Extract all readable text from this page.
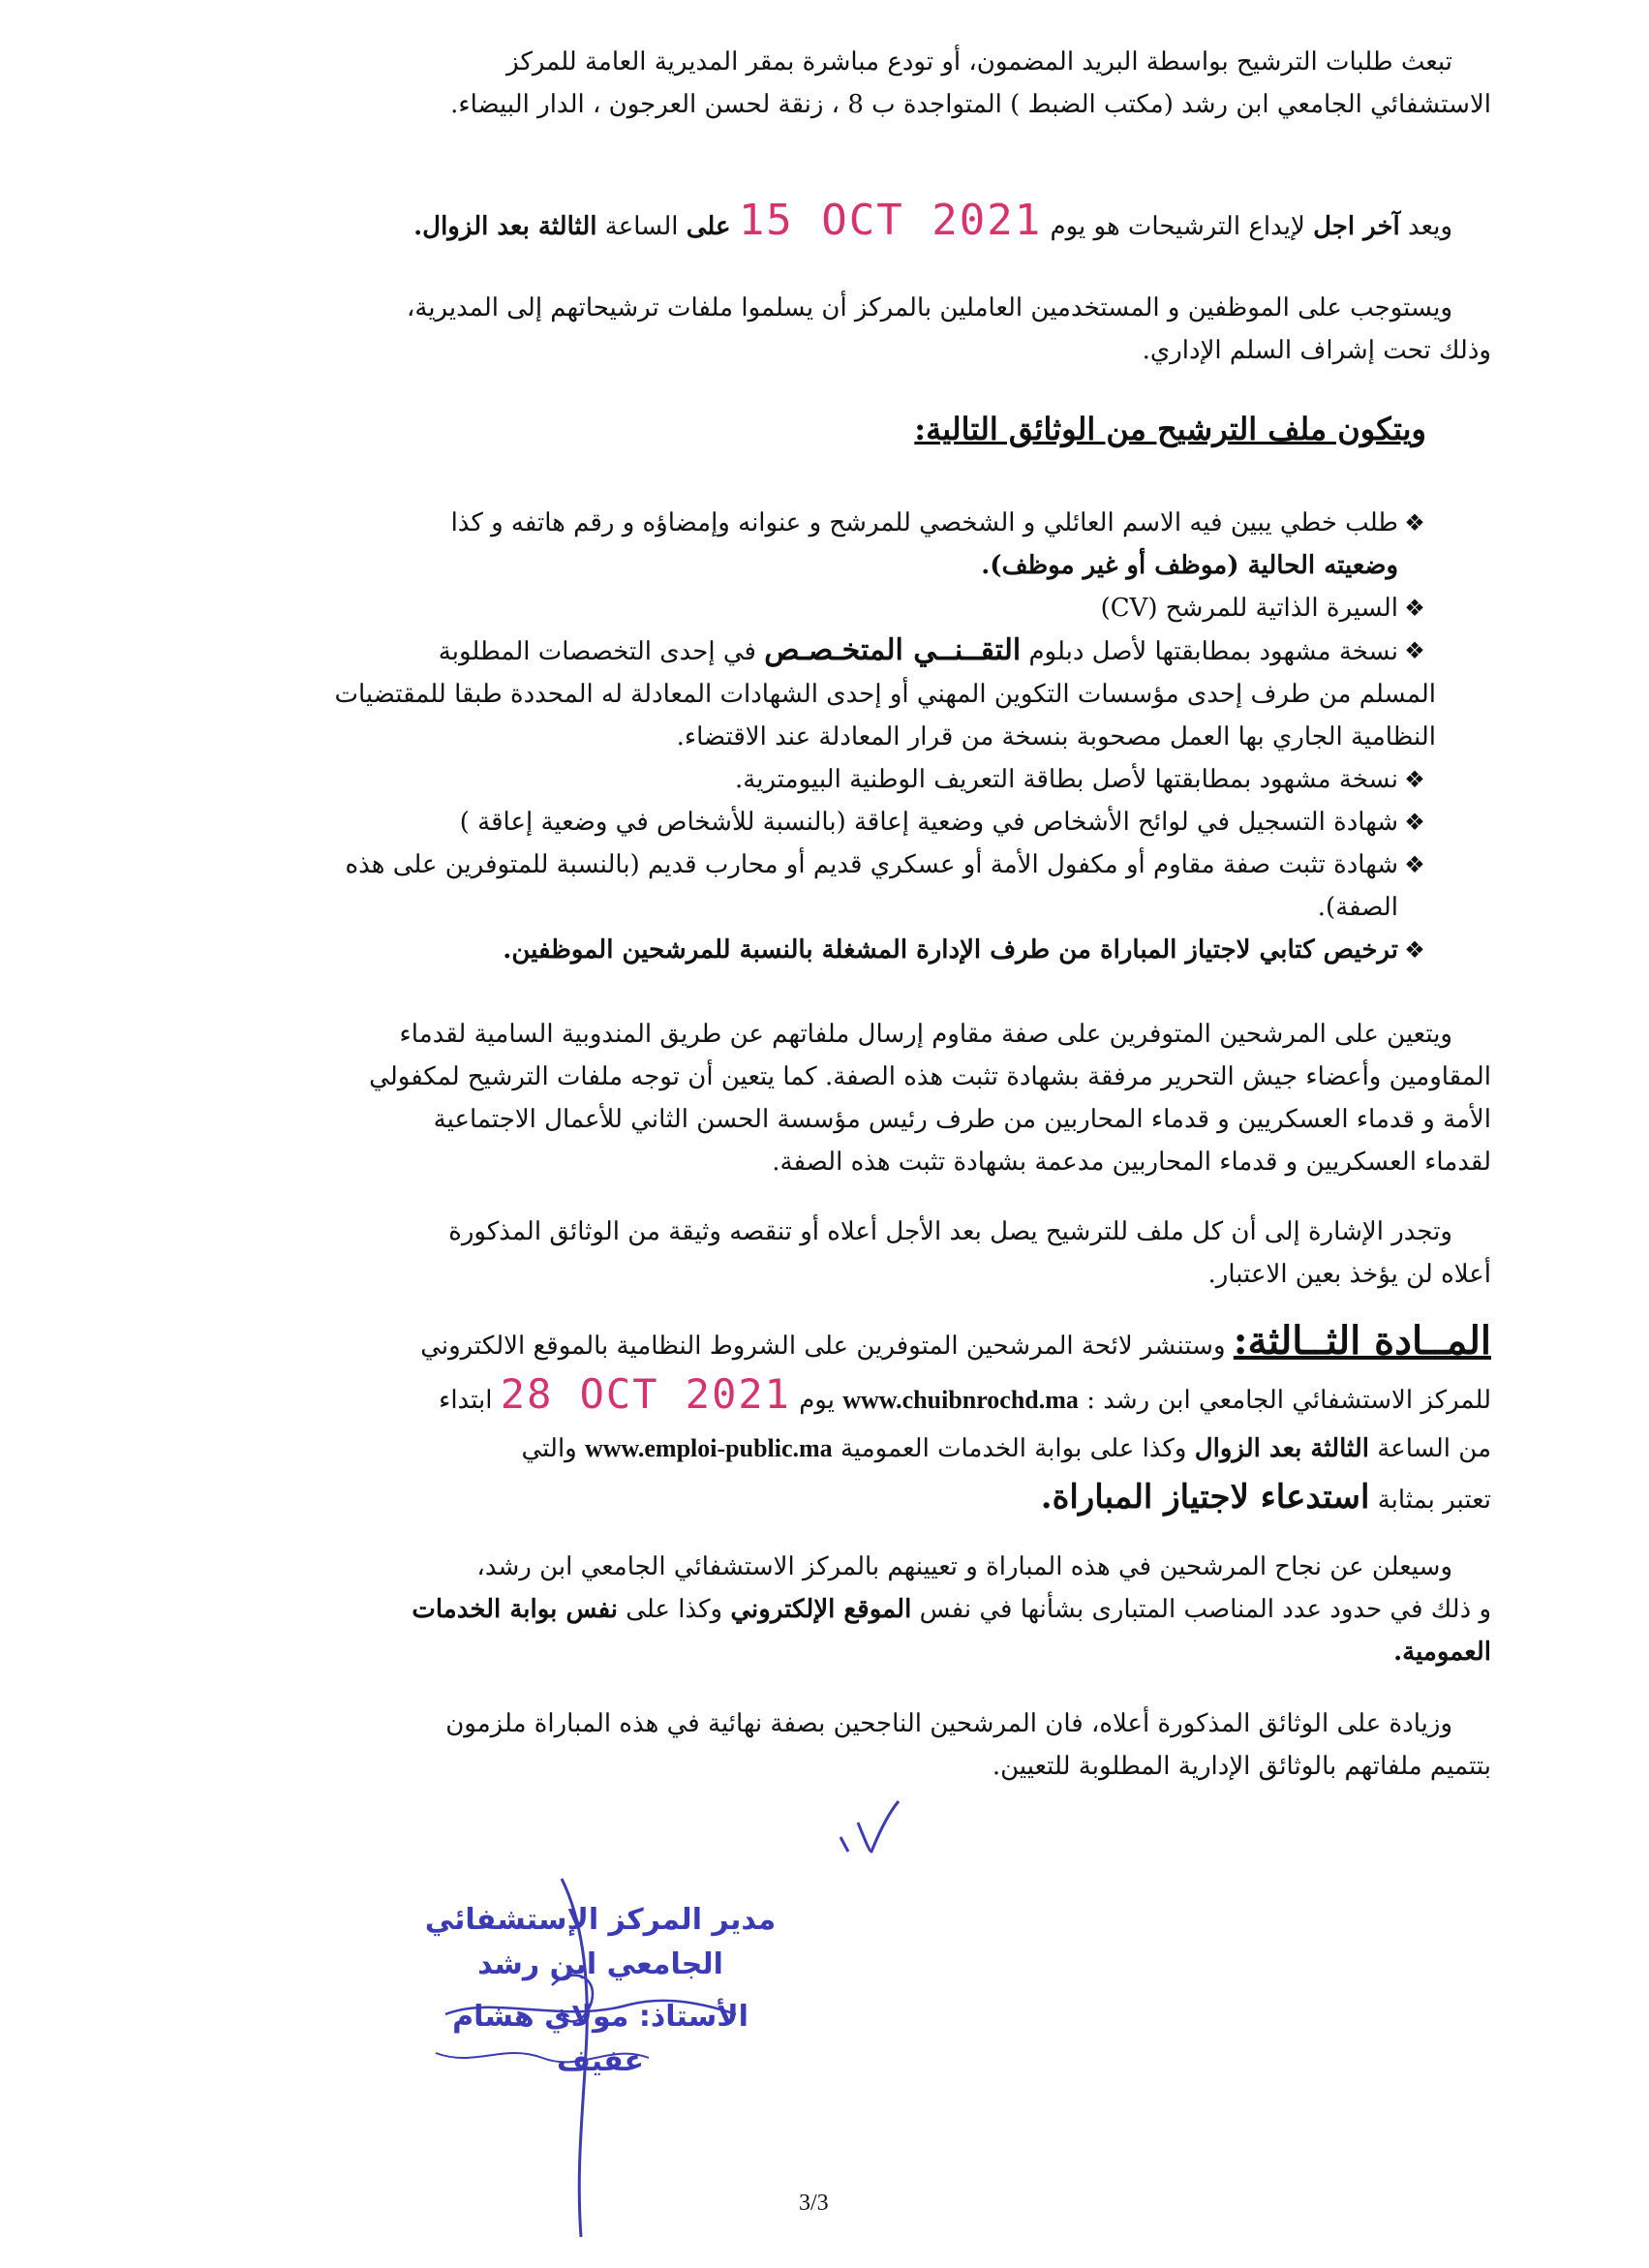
تبعث طلبات الترشيح بواسطة البريد المضمون، أو تودع مباشرة بمقر المديرية العامة للمركز
الاستشفائي الجامعي ابن رشد (مكتب الضبط ) المتواجدة ب 8 ، زنقة لحسن العرجون ، الدار البيضاء.
ويعد آخر اجل لإيداع الترشيحات هو يوم 15 OCT 2021 على الساعة الثالثة بعد الزوال.
ويستوجب على الموظفين و المستخدمين العاملين بالمركز أن يسلموا ملفات ترشيحاتهم إلى المديرية،
وذلك تحت إشراف السلم الإداري.
ويتكون ملف الترشيح من الوثائق التالية:
❖
طلب خطي يبين فيه الاسم العائلي و الشخصي للمرشح و عنوانه وإمضاؤه و رقم هاتفه و كذا
وضعيته الحالية (موظف أو غير موظف).
❖
السيرة الذاتية للمرشح (CV)
❖
نسخة مشهود بمطابقتها لأصل دبلوم التقــنــي المتخـصـص في إحدى التخصصات المطلوبة
المسلم من طرف إحدى مؤسسات التكوين المهني أو إحدى الشهادات المعادلة له المحددة طبقا للمقتضيات
النظامية الجاري بها العمل مصحوبة بنسخة من قرار المعادلة عند الاقتضاء.
❖
نسخة مشهود بمطابقتها لأصل بطاقة التعريف الوطنية البيومترية.
❖
شهادة التسجيل في لوائح الأشخاص في وضعية إعاقة (بالنسبة للأشخاص في وضعية إعاقة )
❖
شهادة تثبت صفة مقاوم أو مكفول الأمة أو عسكري قديم أو محارب قديم (بالنسبة للمتوفرين على هذه
الصفة).
❖
ترخيص كتابي لاجتياز المباراة من طرف الإدارة المشغلة بالنسبة للمرشحين الموظفين.
ويتعين على المرشحين المتوفرين على صفة مقاوم إرسال ملفاتهم عن طريق المندوبية السامية لقدماء
المقاومين وأعضاء جيش التحرير مرفقة بشهادة تثبت هذه الصفة. كما يتعين أن توجه ملفات الترشيح لمكفولي
الأمة و قدماء العسكريين و قدماء المحاربين من طرف رئيس مؤسسة الحسن الثاني للأعمال الاجتماعية
لقدماء العسكريين و قدماء المحاربين مدعمة بشهادة تثبت هذه الصفة.
وتجدر الإشارة إلى أن كل ملف للترشيح يصل بعد الأجل أعلاه أو تنقصه وثيقة من الوثائق المذكورة
أعلاه لن يؤخذ بعين الاعتبار.
المــادة الثــالثة: وستنشر لائحة المرشحين المتوفرين على الشروط النظامية بالموقع الالكتروني
للمركز الاستشفائي الجامعي ابن رشد : www.chuibnrochd.ma يوم 28 OCT 2021 ابتداء
من الساعة الثالثة بعد الزوال وكذا على بوابة الخدمات العمومية www.emploi-public.ma والتي
تعتبر بمثابة استدعاء لاجتياز المباراة.
وسيعلن عن نجاح المرشحين في هذه المباراة و تعيينهم بالمركز الاستشفائي الجامعي ابن رشد،
و ذلك في حدود عدد المناصب المتبارى بشأنها في نفس الموقع الإلكتروني وكذا على نفس بوابة الخدمات
العمومية.
وزيادة على الوثائق المذكورة أعلاه، فان المرشحين الناجحين بصفة نهائية في هذه المباراة ملزمون
بتتميم ملفاتهم بالوثائق الإدارية المطلوبة للتعيين.
مدير المركز الإستشفائي
الجامعي ابن رشد
الأستاذ: مولاي هشام عفيف
3/3
